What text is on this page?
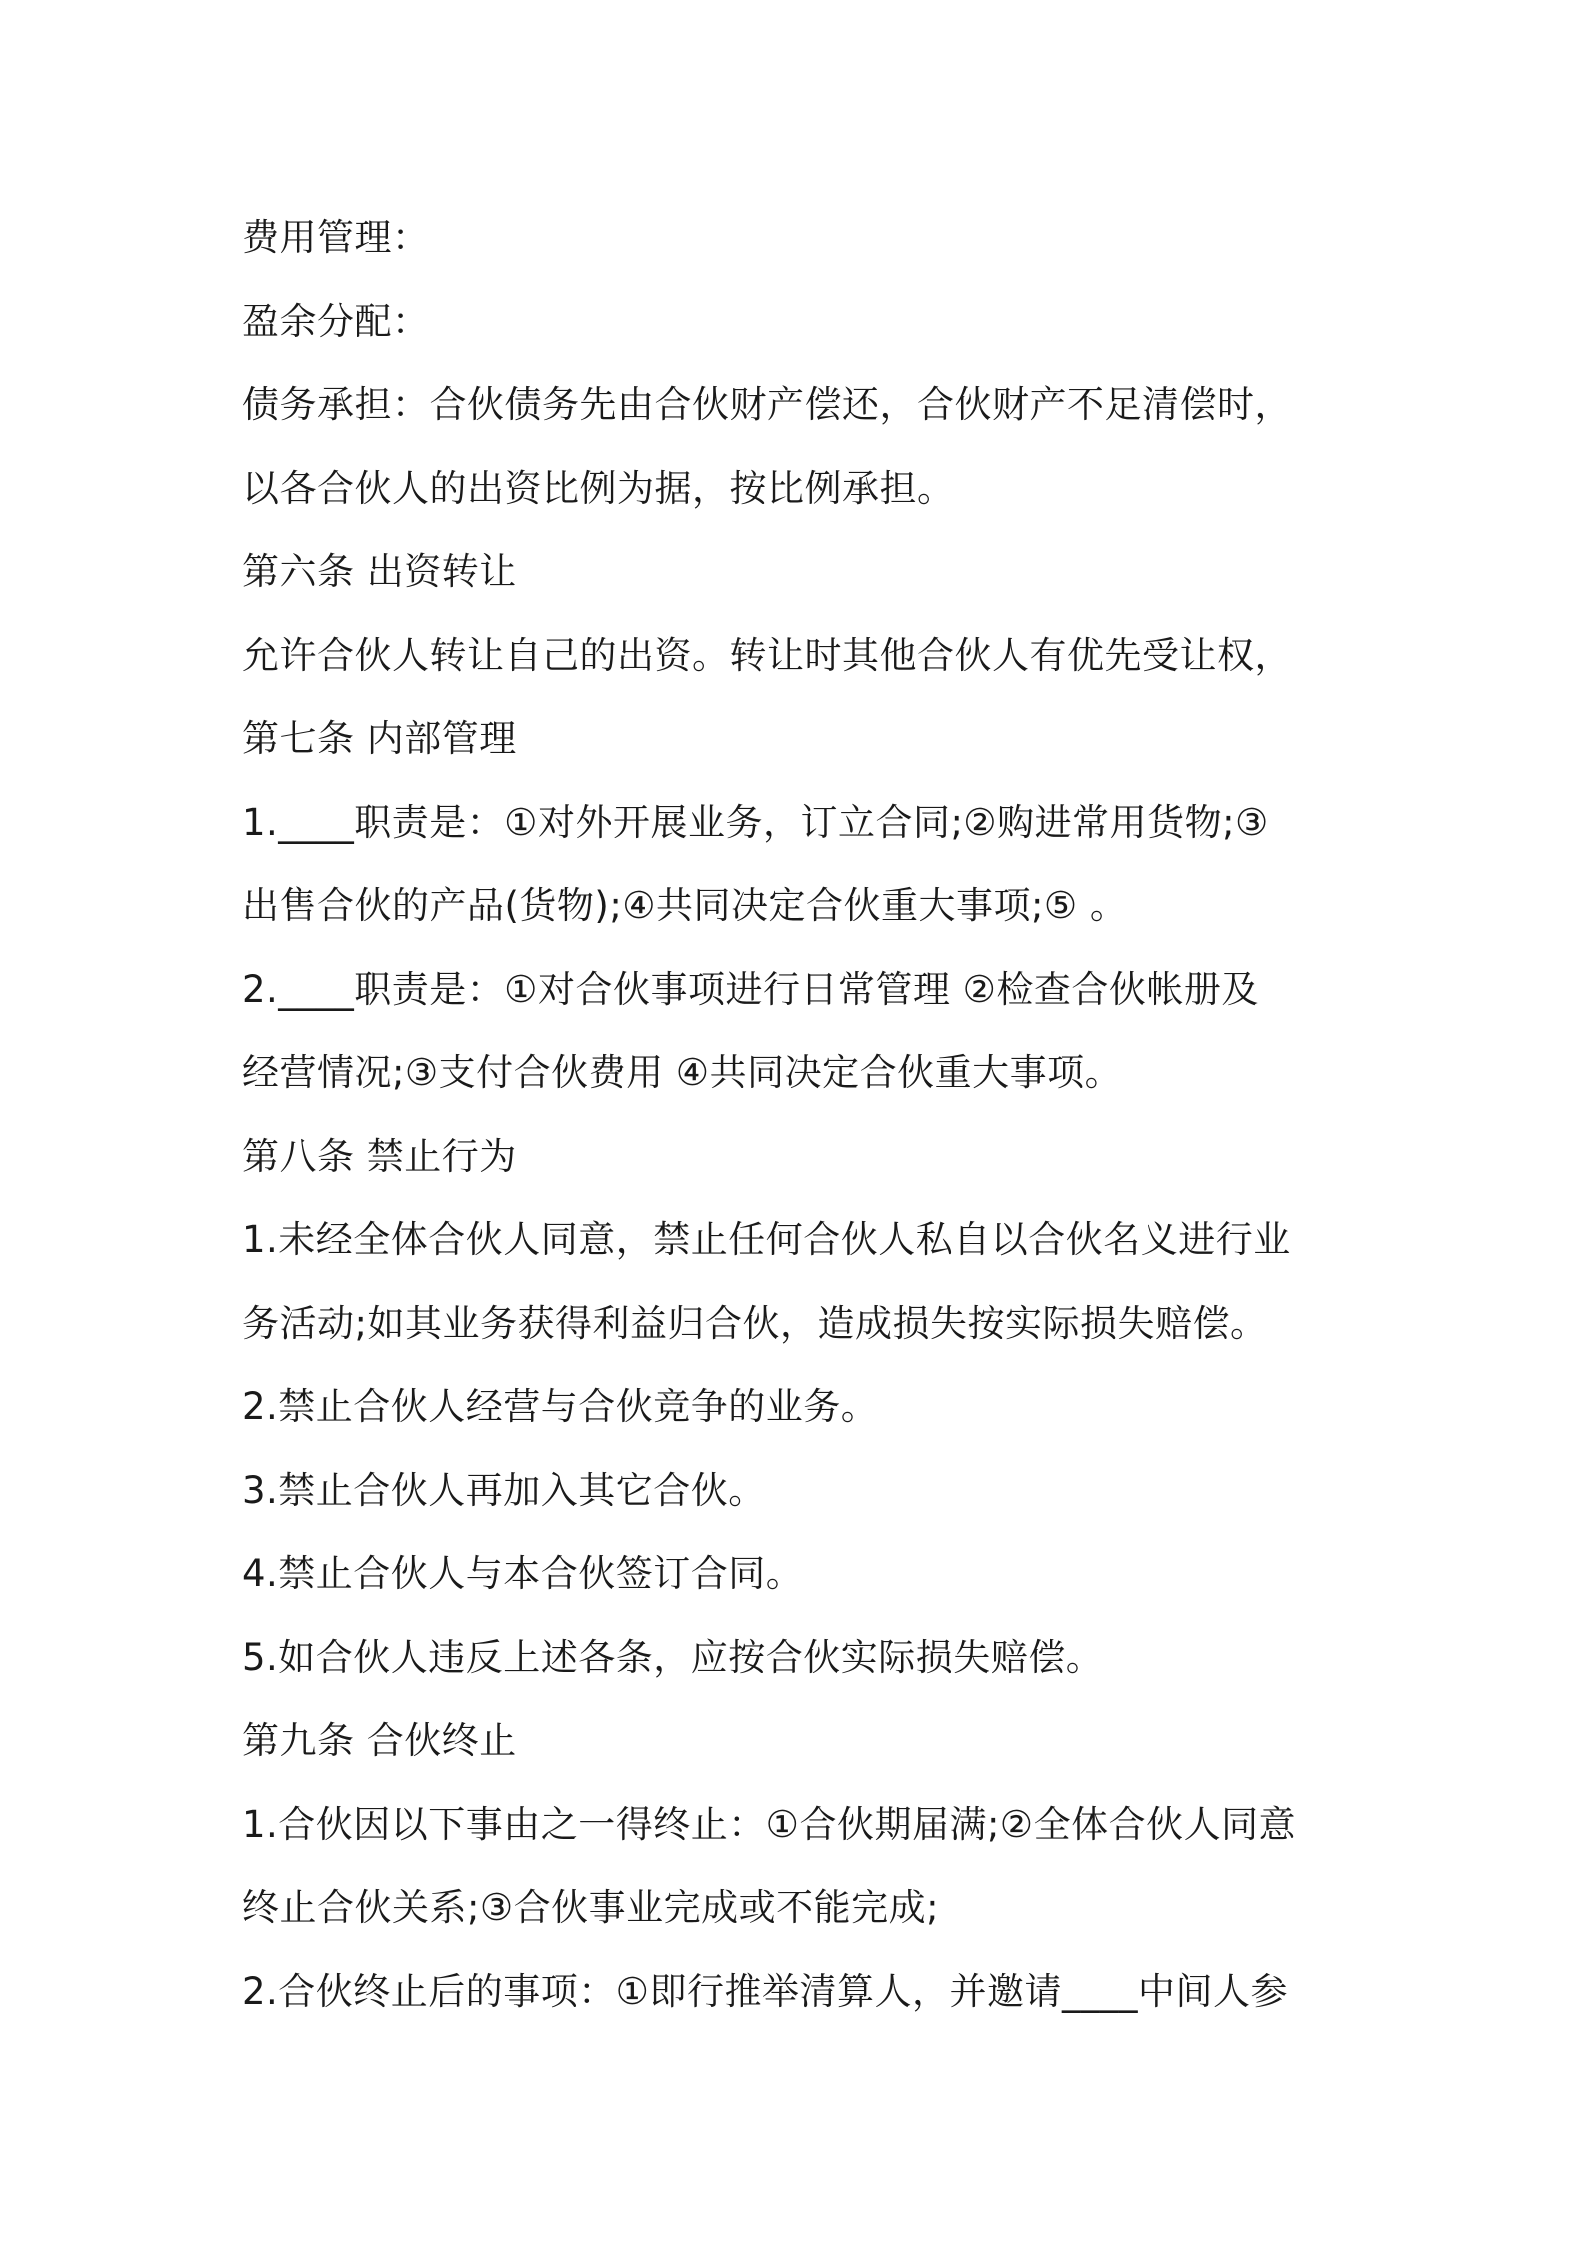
费用管理：
盈余分配：
债务承担：合伙债务先由合伙财产偿还，合伙财产不足清偿时，
以各合伙人的出资比例为据，按比例承担。
第六条 出资转让
允许合伙人转让自己的出资。转让时其他合伙人有优先受让权，
第七条 内部管理
1.____职责是：①对外开展业务，订立合同;②购进常用货物;③
出售合伙的产品(货物);④共同决定合伙重大事项;⑤ 。
2.____职责是：①对合伙事项进行日常管理 ②检查合伙帐册及
经营情况;③支付合伙费用 ④共同决定合伙重大事项。
第八条 禁止行为
1.未经全体合伙人同意，禁止任何合伙人私自以合伙名义进行业
务活动;如其业务获得利益归合伙，造成损失按实际损失赔偿。
2.禁止合伙人经营与合伙竞争的业务。
3.禁止合伙人再加入其它合伙。
4.禁止合伙人与本合伙签订合同。
5.如合伙人违反上述各条，应按合伙实际损失赔偿。
第九条 合伙终止
1.合伙因以下事由之一得终止：①合伙期届满;②全体合伙人同意
终止合伙关系;③合伙事业完成或不能完成;
2.合伙终止后的事项：①即行推举清算人，并邀请____中间人参
